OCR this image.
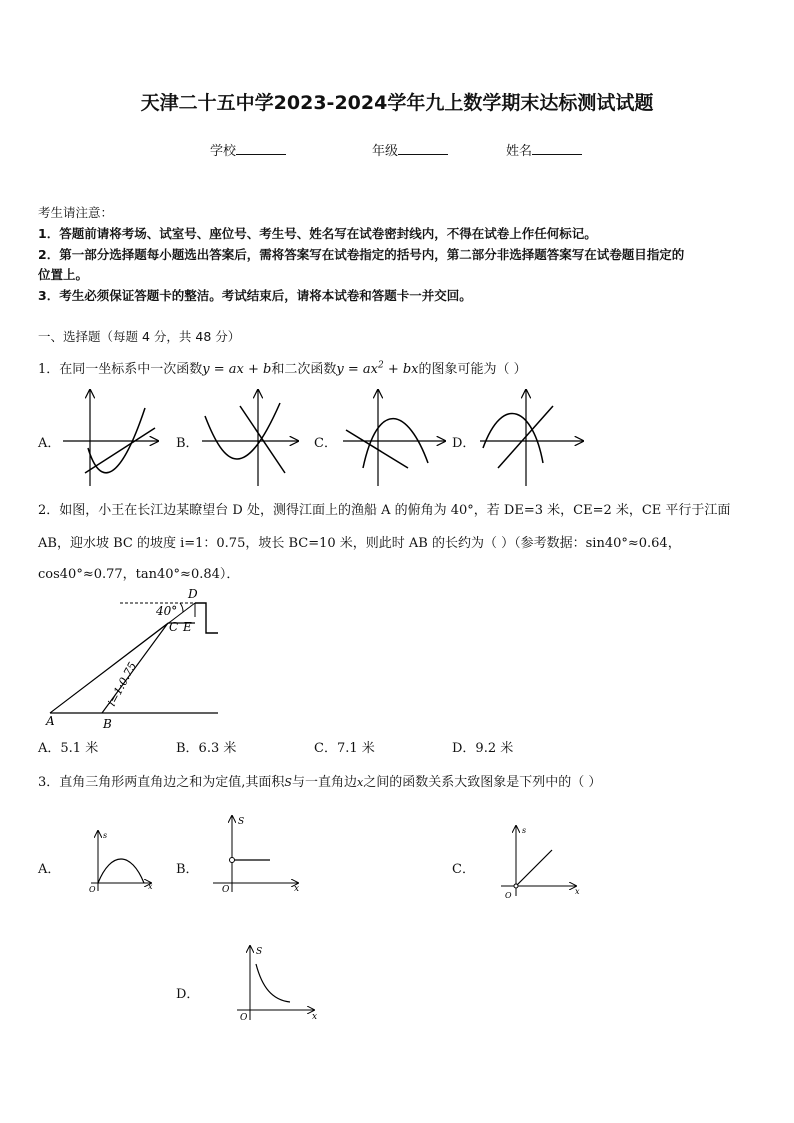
天津二十五中学2023-2024学年九上数学期末达标测试试题
学校	年级	姓名
考生请注意：
1．答题前请将考场、试室号、座位号、考生号、姓名写在试卷密封线内，不得在试卷上作任何标记。
2．第一部分选择题每小题选出答案后，需将答案写在试卷指定的括号内，第二部分非选择题答案写在试卷题目指定的
位置上。
3．考生必须保证答题卡的整洁。考试结束后，请将本试卷和答题卡一并交回。
一、选择题（每题 4 分，共 48 分）
1．在同一坐标系中一次函数y = ax + b和二次函数$y = ax^2$ + bx的图象可能为（ ）
A．	B．	C．	D．
2．如图，小王在长江边某瞭望台 D 处，测得江面上的渔船 A 的俯角为 40°，若 DE=3 米，CE=2 米，CE 平行于江面
AB，迎水坡 BC 的坡度 i=1：0.75，坡长 BC=10 米，则此时 AB 的长约为（ ）（参考数据：sin40°≈0.64，
cos40°≈0.77，tan40°≈0.84）．
40°
D
C E
A	B
i=1:0.75
A．5.1 米	B．6.3 米	C．7.1 米	D．9.2 米
3．直角三角形两直角边之和为定值,其面积S与一直角边x之间的函数关系大致图象是下列中的（ ）
A．	B．	C．
D．
s
x
O
S
x
O
s
x
O
S
x
O
